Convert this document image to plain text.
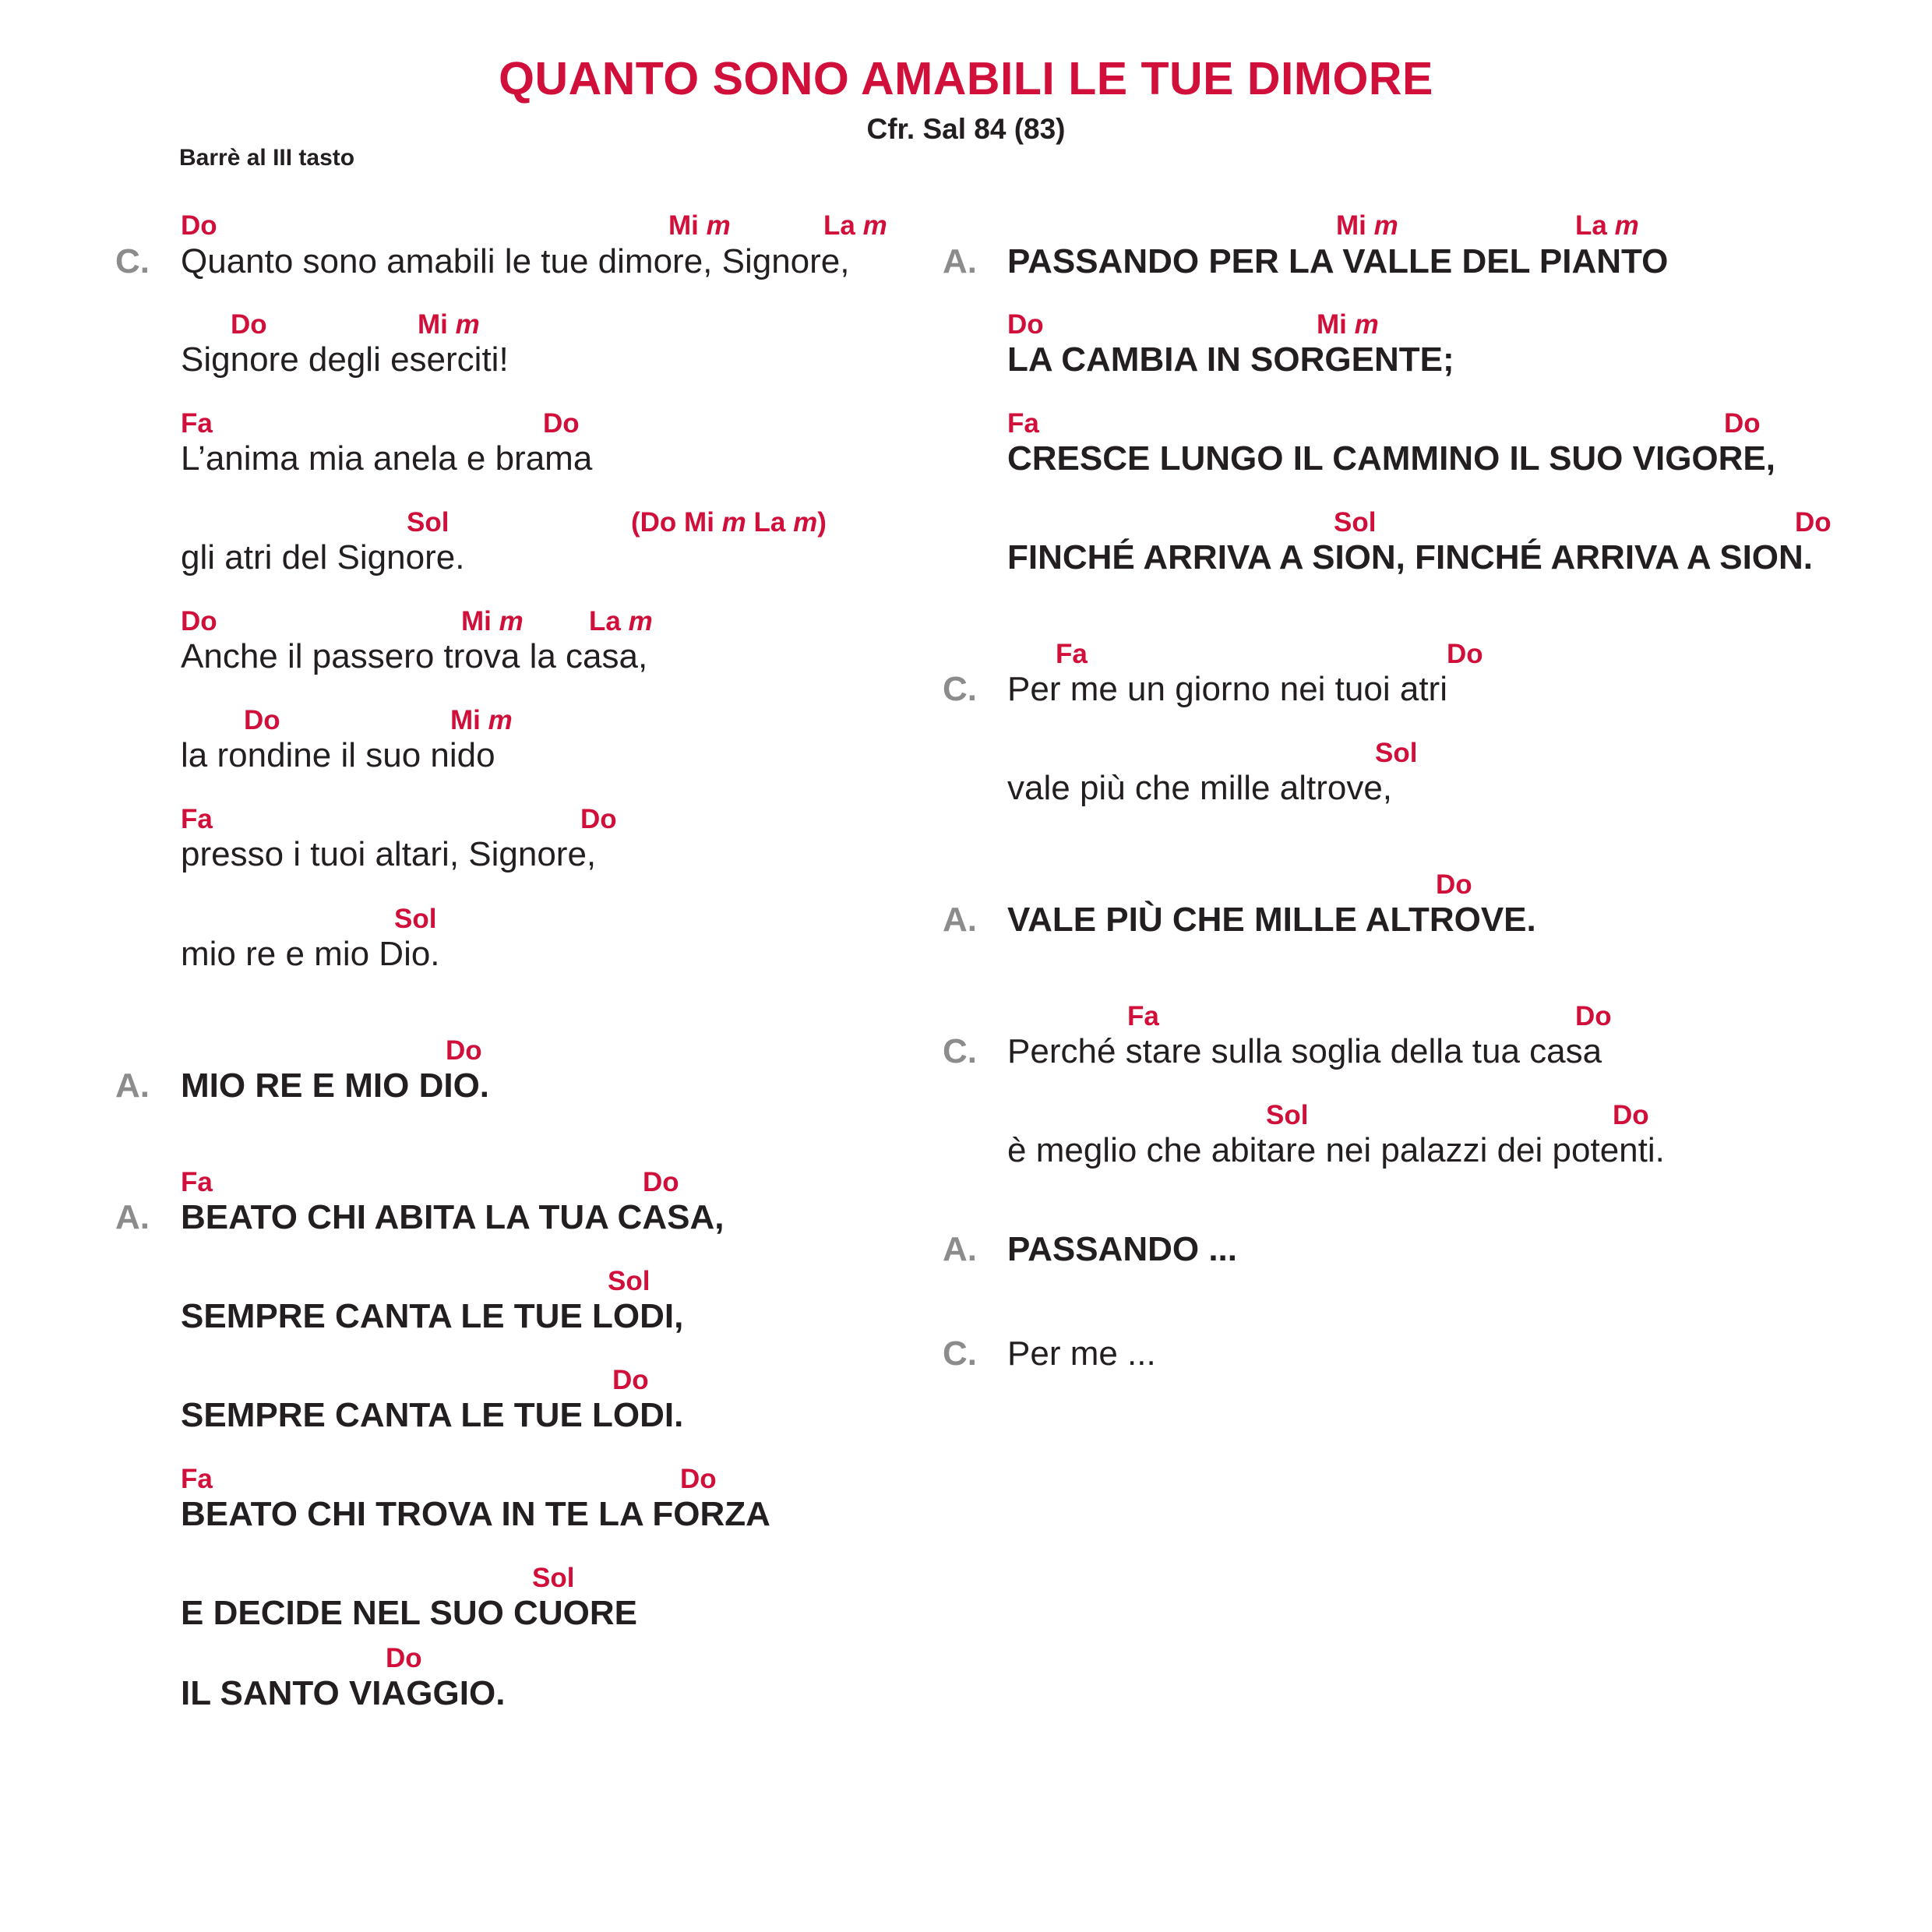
QUANTO SONO AMABILI LE TUE DIMORE
Cfr. Sal 84 (83)
Barrè al III tasto
Do	Mi m	La m
C. Quanto sono amabili le tue dimore, Signore,
Do	Mi m
Signore degli eserciti!
Fa	Do
L’anima mia anela e brama
Sol	(Do Mi m La m)
gli atri del Signore.
Do	Mi m La m
Anche il passero trova la casa,
Do	Mi m
la rondine il suo nido
Fa	Do
presso i tuoi altari, Signore,
Sol
mio re e mio Dio.
Do
A. MIO RE E MIO DIO.
Fa	Do
A. BEATO CHI ABITA LA TUA CASA,
Sol
SEMPRE CANTA LE TUE LODI,
Do
SEMPRE CANTA LE TUE LODI.
Fa	Do
BEATO CHI TROVA IN TE LA FORZA
Sol
E DECIDE NEL SUO CUORE
Do
IL SANTO VIAGGIO.
Mi m	La m
A. PASSANDO PER LA VALLE DEL PIANTO
Do	Mi m
LA CAMBIA IN SORGENTE;
Fa	Do
CRESCE LUNGO IL CAMMINO IL SUO VIGORE,
Sol	Do
FINCHÉ ARRIVA A SION, FINCHÉ ARRIVA A SION.
Fa	Do
C. Per me un giorno nei tuoi atri
Sol
vale più che mille altrove,
Do
A. VALE PIÙ CHE MILLE ALTROVE.
Fa	Do
C. Perché stare sulla soglia della tua casa
Sol	Do
è meglio che abitare nei palazzi dei potenti.
A. PASSANDO ...
C. Per me ...
